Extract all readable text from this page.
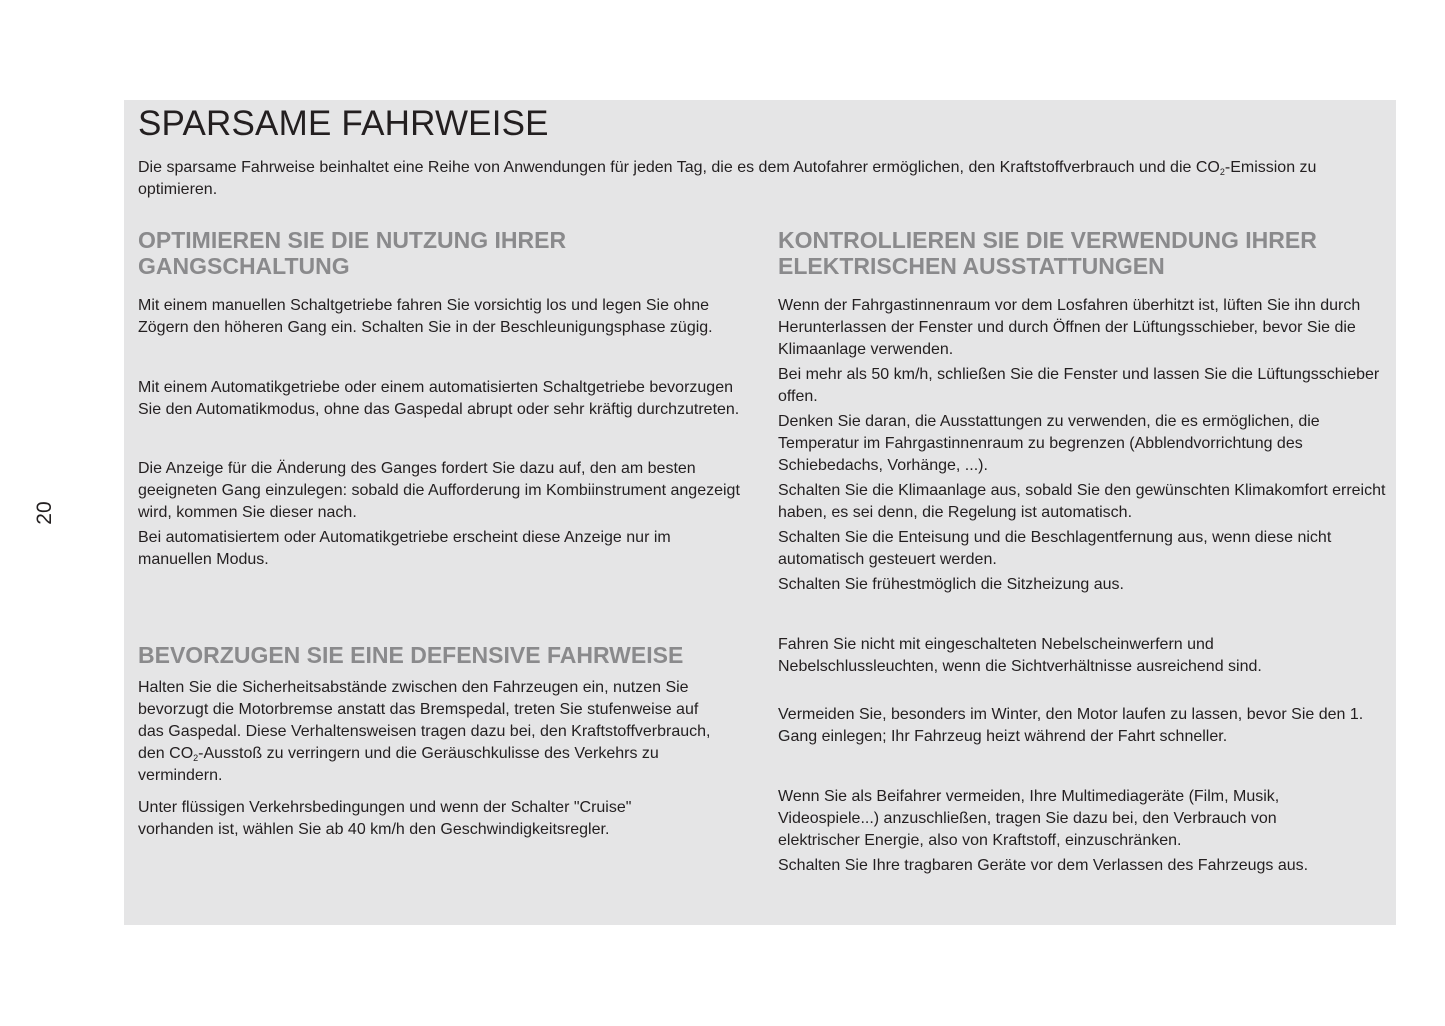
20
SPARSAME FAHRWEISE

Die sparsame Fahrweise beinhaltet eine Reihe von Anwendungen für jeden Tag, die es dem Autofahrer ermöglichen, den Kraftstoffverbrauch und die $CO_2$-Emission zu optimieren.

OPTIMIEREN SIE DIE NUTZUNG IHRER GANGSCHALTUNG

Mit einem manuellen Schaltgetriebe fahren Sie vorsichtig los und legen Sie ohne Zögern den höheren Gang ein. Schalten Sie in der Beschleunigungsphase zügig.

Mit einem Automatikgetriebe oder einem automatisierten Schaltgetriebe bevorzugen Sie den Automatikmodus, ohne das Gaspedal abrupt oder sehr kräftig durchzutreten.

Die Anzeige für die Änderung des Ganges fordert Sie dazu auf, den am besten geeigneten Gang einzulegen: sobald die Aufforderung im Kombiinstrument angezeigt wird, kommen Sie dieser nach.

Bei automatisiertem oder Automatikgetriebe erscheint diese Anzeige nur im manuellen Modus.

BEVORZUGEN SIE EINE DEFENSIVE FAHRWEISE

Halten Sie die Sicherheitsabstände zwischen den Fahrzeugen ein, nutzen Sie bevorzugt die Motorbremse anstatt das Bremspedal, treten Sie stufenweise auf das Gaspedal. Diese Verhaltensweisen tragen dazu bei, den Kraftstoffverbrauch, den $CO_2$-Ausstoß zu verringern und die Geräuschkulisse des Verkehrs zu vermindern.

Unter flüssigen Verkehrsbedingungen und wenn der Schalter "Cruise" vorhanden ist, wählen Sie ab 40 km/h den Geschwindigkeitsregler.

KONTROLLIEREN SIE DIE VERWENDUNG IHRER ELEKTRISCHEN AUSSTATTUNGEN

Wenn der Fahrgastinnenraum vor dem Losfahren überhitzt ist, lüften Sie ihn durch Herunterlassen der Fenster und durch Öffnen der Lüftungsschieber, bevor Sie die Klimaanlage verwenden.

Bei mehr als 50 km/h, schließen Sie die Fenster und lassen Sie die Lüftungsschieber offen.

Denken Sie daran, die Ausstattungen zu verwenden, die es ermöglichen, die Temperatur im Fahrgastinnenraum zu begrenzen (Abblendvorrichtung des Schiebedachs, Vorhänge, ...).

Schalten Sie die Klimaanlage aus, sobald Sie den gewünschten Klimakomfort erreicht haben, es sei denn, die Regelung ist automatisch.

Schalten Sie die Enteisung und die Beschlagentfernung aus, wenn diese nicht automatisch gesteuert werden.

Schalten Sie frühestmöglich die Sitzheizung aus.

Fahren Sie nicht mit eingeschalteten Nebelscheinwerfern und Nebelschlussleuchten, wenn die Sichtverhältnisse ausreichend sind.

Vermeiden Sie, besonders im Winter, den Motor laufen zu lassen, bevor Sie den 1. Gang einlegen; Ihr Fahrzeug heizt während der Fahrt schneller.

Wenn Sie als Beifahrer vermeiden, Ihre Multimediageräte (Film, Musik, Videospiele...) anzuschließen, tragen Sie dazu bei, den Verbrauch von elektrischer Energie, also von Kraftstoff, einzuschränken.

Schalten Sie Ihre tragbaren Geräte vor dem Verlassen des Fahrzeugs aus.
